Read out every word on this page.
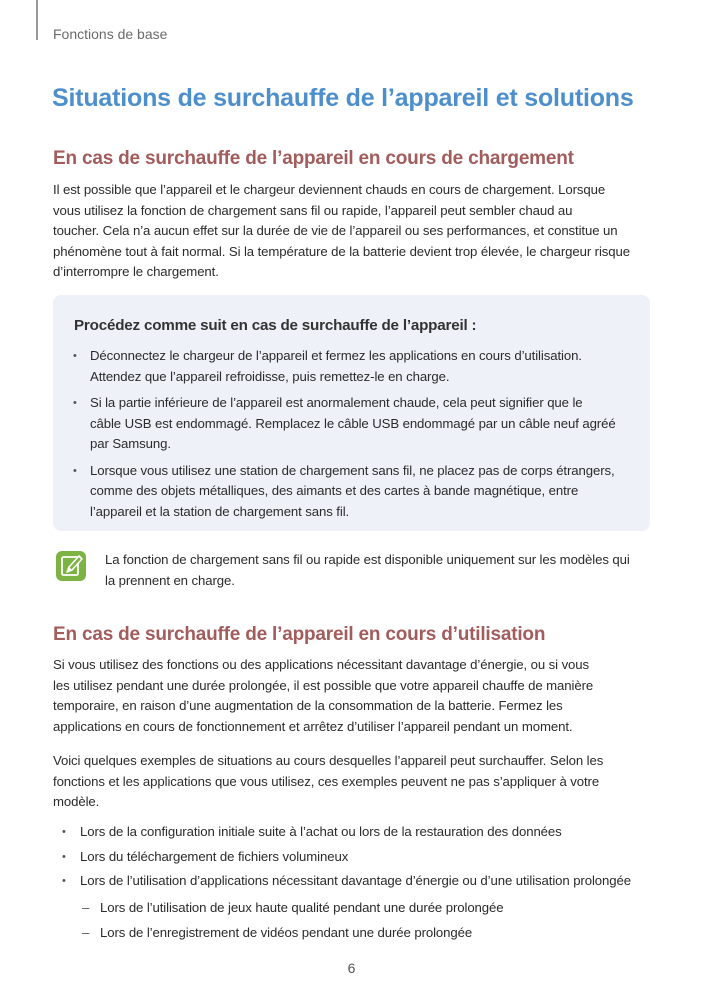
Fonctions de base
Situations de surchauffe de l’appareil et solutions
En cas de surchauffe de l’appareil en cours de chargement
Il est possible que l’appareil et le chargeur deviennent chauds en cours de chargement. Lorsque
vous utilisez la fonction de chargement sans fil ou rapide, l’appareil peut sembler chaud au
toucher. Cela n’a aucun effet sur la durée de vie de l’appareil ou ses performances, et constitue un
phénomène tout à fait normal. Si la température de la batterie devient trop élevée, le chargeur risque
d’interrompre le chargement.
Procédez comme suit en cas de surchauffe de l’appareil :
• Déconnectez le chargeur de l’appareil et fermez les applications en cours d’utilisation.
Attendez que l’appareil refroidisse, puis remettez-le en charge.
• Si la partie inférieure de l’appareil est anormalement chaude, cela peut signifier que le
câble USB est endommagé. Remplacez le câble USB endommagé par un câble neuf agréé
par Samsung.
• Lorsque vous utilisez une station de chargement sans fil, ne placez pas de corps étrangers,
comme des objets métalliques, des aimants et des cartes à bande magnétique, entre
l’appareil et la station de chargement sans fil.
La fonction de chargement sans fil ou rapide est disponible uniquement sur les modèles qui
la prennent en charge.
En cas de surchauffe de l’appareil en cours d’utilisation
Si vous utilisez des fonctions ou des applications nécessitant davantage d’énergie, ou si vous
les utilisez pendant une durée prolongée, il est possible que votre appareil chauffe de manière
temporaire, en raison d’une augmentation de la consommation de la batterie. Fermez les
applications en cours de fonctionnement et arrêtez d’utiliser l’appareil pendant un moment.
Voici quelques exemples de situations au cours desquelles l’appareil peut surchauffer. Selon les
fonctions et les applications que vous utilisez, ces exemples peuvent ne pas s’appliquer à votre
modèle.
• Lors de la configuration initiale suite à l’achat ou lors de la restauration des données
• Lors du téléchargement de fichiers volumineux
• Lors de l’utilisation d’applications nécessitant davantage d’énergie ou d’une utilisation prolongée
– Lors de l’utilisation de jeux haute qualité pendant une durée prolongée
– Lors de l’enregistrement de vidéos pendant une durée prolongée
6
